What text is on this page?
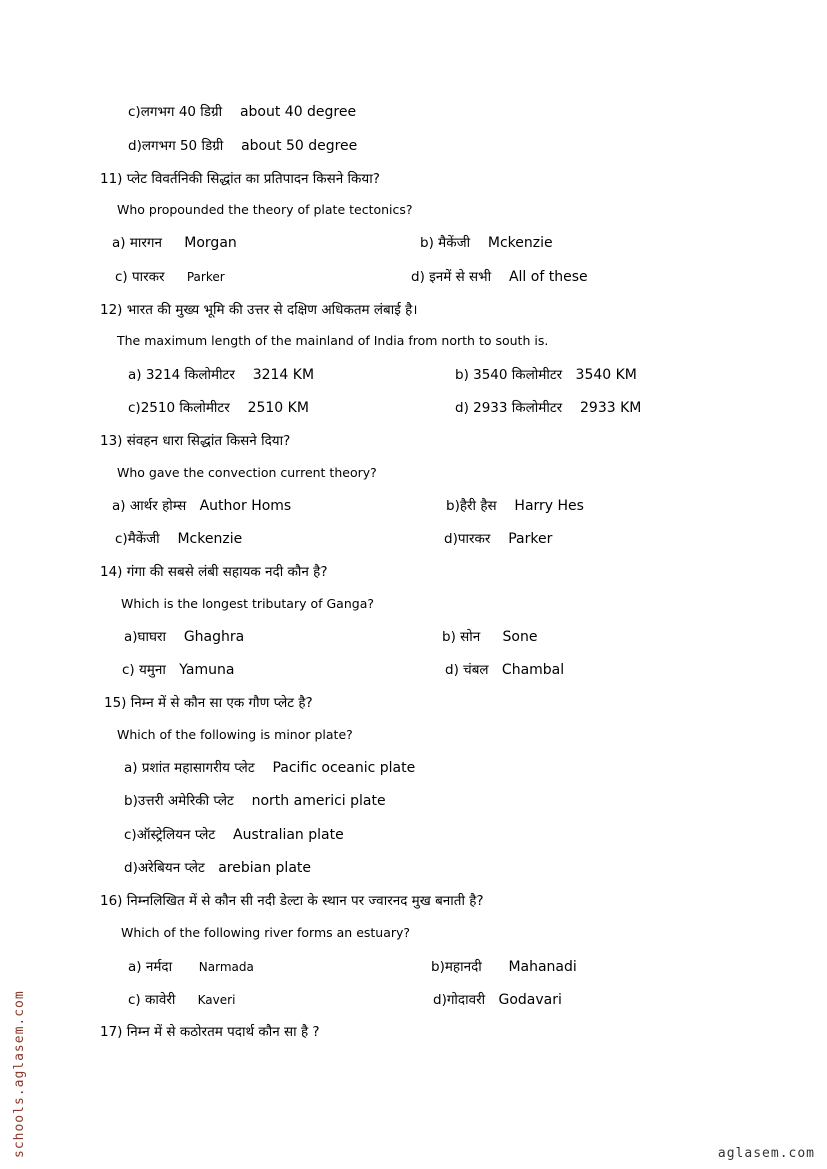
c)लगभग 40 डिग्री about 40 degree
d)लगभग 50 डिग्री about 50 degree
11) प्लेट विवर्तनिकी सिद्धांत का प्रतिपादन किसने किया?
Who propounded the theory of plate tectonics?
a) मारगन Morgan	b) मैकेंजी Mckenzie
c) पारकर Parker	d) इनमें से सभी All of these
12) भारत की मुख्य भूमि की उत्तर से दक्षिण अधिकतम लंबाई है।
The maximum length of the mainland of India from north to south is.
a) 3214 किलोमीटर 3214 KM	b) 3540 किलोमीटर 3540 KM
c)2510 किलोमीटर 2510 KM	d) 2933 किलोमीटर 2933 KM
13) संवहन धारा सिद्धांत किसने दिया?
Who gave the convection current theory?
a) आर्थर होम्स Author Homs	b)हैरी हैस Harry Hes
c)मैकेंजी Mckenzie	d)पारकर Parker
14) गंगा की सबसे लंबी सहायक नदी कौन है?
Which is the longest tributary of Ganga?
a)घाघरा Ghaghra	b) सोन Sone
c) यमुना Yamuna	d) चंबल Chambal
15) निम्न में से कौन सा एक गौण प्लेट है?
Which of the following is minor plate?
a) प्रशांत महासागरीय प्लेट Pacific oceanic plate
b)उत्तरी अमेरिकी प्लेट north americi plate
c)ऑस्ट्रेलियन प्लेट Australian plate
d)अरेबियन प्लेट arebian plate
16) निम्नलिखित में से कौन सी नदी डेल्टा के स्थान पर ज्वारनद मुख बनाती है?
Which of the following river forms an estuary?
a) नर्मदा Narmada	b)महानदी Mahanadi
c) कावेरी Kaveri	d)गोदावरी Godavari
17) निम्न में से कठोरतम पदार्थ कौन सा है ?
schools.aglasem.com	aglasem.com
